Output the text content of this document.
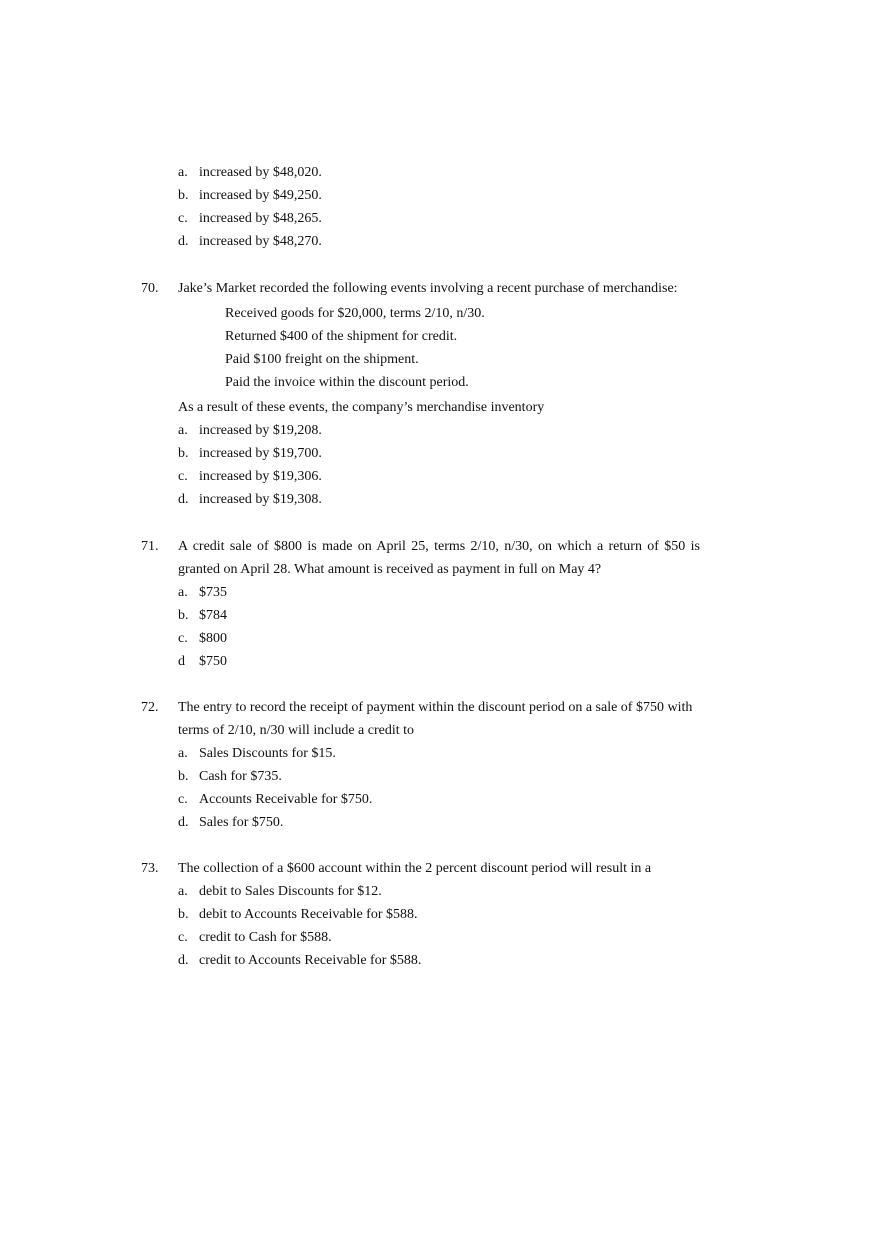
a. increased by $48,020.
b. increased by $49,250.
c. increased by $48,265.
d. increased by $48,270.
70.	Jake’s Market recorded the following events involving a recent purchase of merchandise:
Received goods for $20,000, terms 2/10, n/30.
Returned $400 of the shipment for credit.
Paid $100 freight on the shipment.
Paid the invoice within the discount period.
As a result of these events, the company’s merchandise inventory
a. increased by $19,208.
b. increased by $19,700.
c. increased by $19,306.
d. increased by $19,308.
71.	A credit sale of $800 is made on April 25, terms 2/10, n/30, on which a return of $50 is
granted on April 28. What amount is received as payment in full on May 4?
a. $735
b. $784
c. $800
d $750
72.	The entry to record the receipt of payment within the discount period on a sale of $750 with
terms of 2/10, n/30 will include a credit to
a. Sales Discounts for $15.
b. Cash for $735.
c. Accounts Receivable for $750.
d. Sales for $750.
73.	The collection of a $600 account within the 2 percent discount period will result in a
a. debit to Sales Discounts for $12.
b. debit to Accounts Receivable for $588.
c. credit to Cash for $588.
d. credit to Accounts Receivable for $588.
